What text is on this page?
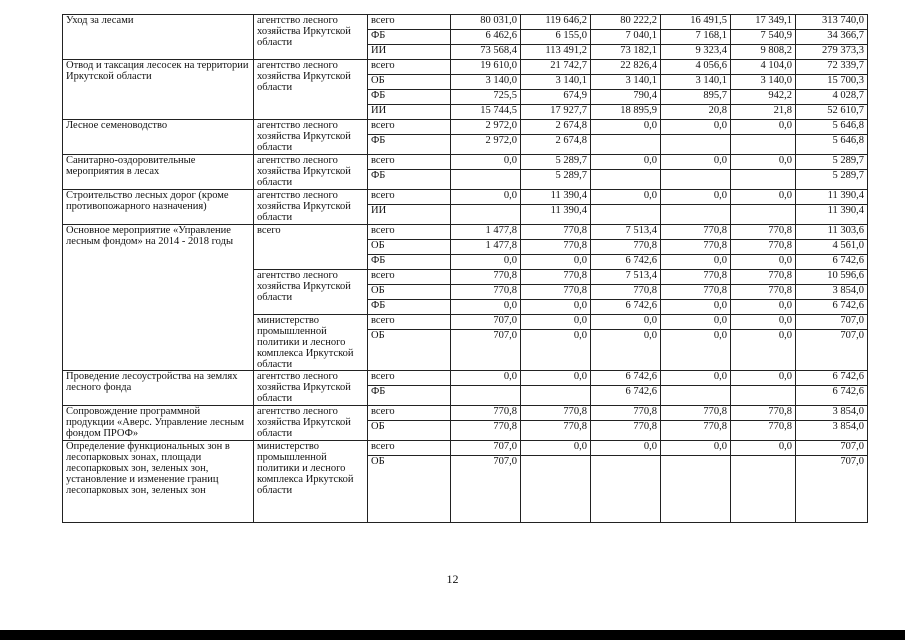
Уход за лесами	агентство лесного хозяйства Иркутской области	всего	80 031,0	119 646,2	80 222,2	16 491,5	17 349,1	313 740,0
		ФБ	6 462,6	6 155,0	7 040,1	7 168,1	7 540,9	34 366,7
		ИИ	73 568,4	113 491,2	73 182,1	9 323,4	9 808,2	279 373,3
Отвод и таксация лесосек на территории Иркутской области	агентство лесного хозяйства Иркутской области	всего	19 610,0	21 742,7	22 826,4	4 056,6	4 104,0	72 339,7
		ОБ	3 140,0	3 140,1	3 140,1	3 140,1	3 140,0	15 700,3
		ФБ	725,5	674,9	790,4	895,7	942,2	4 028,7
		ИИ	15 744,5	17 927,7	18 895,9	20,8	21,8	52 610,7
Лесное семеноводство	агентство лесного хозяйства Иркутской области	всего	2 972,0	2 674,8	0,0	0,0	0,0	5 646,8
		ФБ	2 972,0	2 674,8				5 646,8
Санитарно-оздоровительные мероприятия в лесах	агентство лесного хозяйства Иркутской области	всего	0,0	5 289,7	0,0	0,0	0,0	5 289,7
		ФБ		5 289,7				5 289,7
Строительство лесных дорог (кроме противопожарного назначения)	агентство лесного хозяйства Иркутской области	всего	0,0	11 390,4	0,0	0,0	0,0	11 390,4
		ИИ		11 390,4				11 390,4
Основное мероприятие «Управление лесным фондом» на 2014 - 2018 годы	всего	всего	1 477,8	770,8	7 513,4	770,8	770,8	11 303,6
		ОБ	1 477,8	770,8	770,8	770,8	770,8	4 561,0
		ФБ	0,0	0,0	6 742,6	0,0	0,0	6 742,6
	агентство лесного хозяйства Иркутской области	всего	770,8	770,8	7 513,4	770,8	770,8	10 596,6
		ОБ	770,8	770,8	770,8	770,8	770,8	3 854,0
		ФБ	0,0	0,0	6 742,6	0,0	0,0	6 742,6
	министерство промышленной политики и лесного комплекса Иркутской области	всего	707,0	0,0	0,0	0,0	0,0	707,0
		ОБ	707,0	0,0	0,0	0,0	0,0	707,0
Проведение лесоустройства на землях лесного фонда	агентство лесного хозяйства Иркутской области	всего	0,0	0,0	6 742,6	0,0	0,0	6 742,6
		ФБ			6 742,6			6 742,6
Сопровождение программной продукции «Аверс. Управление лесным фондом ПРОФ»	агентство лесного хозяйства Иркутской области	всего	770,8	770,8	770,8	770,8	770,8	3 854,0
		ОБ	770,8	770,8	770,8	770,8	770,8	3 854,0
Определение функциональных зон в лесопарковых зонах, площади лесопарковых зон, зеленых зон, установление и изменение границ лесопарковых зон, зеленых зон	министерство промышленной политики и лесного комплекса Иркутской области	всего	707,0	0,0	0,0	0,0	0,0	707,0
		ОБ	707,0					707,0
12
